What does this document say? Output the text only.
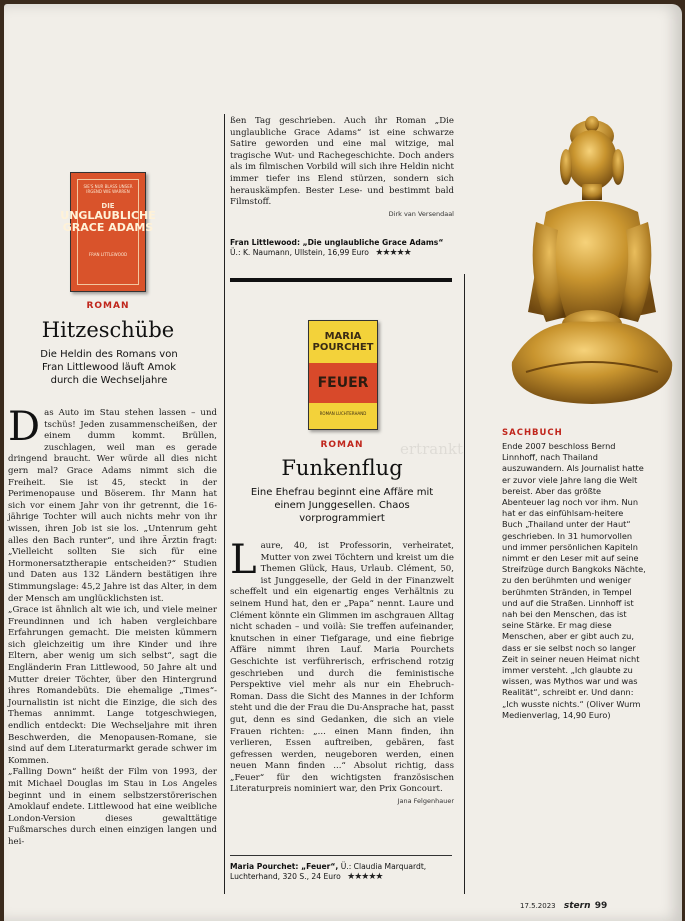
SIE'S NUR BLASS UNSER IRGEND WIE WARREN
DIE
UNGLAUBLICHE GRACE ADAMS
FRAN LITTLEWOOD
ROMAN
Hitzeschübe
Die Heldin des Romans von Fran Littlewood läuft Amok durch die Wechseljahre

Das Auto im Stau stehen lassen – und tschüs! Jeden zusammenscheißen, der einem dumm kommt. Brüllen, zuschlagen, weil man es gerade dringend braucht. Wer würde all dies nicht gern mal? Grace Adams nimmt sich die Freiheit. Sie ist 45, steckt in der Perimenopause und Böserem. Ihr Mann hat sich vor einem Jahr von ihr getrennt, die 16-jährige Tochter will auch nichts mehr von ihr wissen, ihren Job ist sie los. „Untenrum geht alles den Bach runter“, und ihre Ärztin fragt: „Vielleicht sollten Sie sich für eine Hormonersatztherapie entscheiden?“ Studien und Daten aus 132 Ländern bestätigen ihre Stimmungslage: 45,2 Jahre ist das Alter, in dem der Mensch am unglücklichsten ist.

„Grace ist ähnlich alt wie ich, und viele meiner Freundinnen und ich haben vergleichbare Erfahrungen gemacht. Die meisten kümmern sich gleichzeitig um ihre Kinder und ihre Eltern, aber wenig um sich selbst“, sagt die Engländerin Fran Littlewood, 50 Jahre alt und Mutter dreier Töchter, über den Hintergrund ihres Romandebüts. Die ehemalige „Times“-Journalistin ist nicht die Einzige, die sich des Themas annimmt. Lange totgeschwiegen, endlich entdeckt: Die Wechseljahre mit ihren Beschwerden, die Menopausen-Romane, sie sind auf dem Literaturmarkt gerade schwer im Kommen.

„Falling Down“ heißt der Film von 1993, der mit Michael Douglas im Stau in Los Angeles beginnt und in einem selbstzerstörerischen Amoklauf endete. Littlewood hat eine weibliche London-Version dieses gewalttätige Fußmarsches durch einen einzigen langen und hei-

ßen Tag geschrieben. Auch ihr Roman „Die unglaubliche Grace Adams“ ist eine schwarze Satire geworden und eine mal witzige, mal tragische Wut- und Rachegeschichte. Doch anders als im filmischen Vorbild will sich ihre Heldin nicht immer tiefer ins Elend stürzen, sondern sich herauskämpfen. Bester Lese- und bestimmt bald Filmstoff.

Dirk van Versendaal
Fran Littlewood: „Die unglaubliche Grace Adams“
Ü.: K. Naumann, Ullstein, 16,99 Euro ★★★★★
MARIA
POURCHET
FEUER
ROMAN LUCHTERHAND
ertrankt
ROMAN
Funkenflug
Eine Ehefrau beginnt eine Affäre mit einem Junggesellen. Chaos vorprogrammiert

Laure, 40, ist Professorin, verheiratet, Mutter von zwei Töchtern und kreist um die Themen Glück, Haus, Urlaub. Clément, 50, ist Junggeselle, der Geld in der Finanzwelt scheffelt und ein eigenartig enges Verhältnis zu seinem Hund hat, den er „Papa“ nennt. Laure und Clément könnte ein Glimmen im aschgrauen Alltag nicht schaden – und voilà: Sie treffen aufeinander, knutschen in einer Tiefgarage, und eine fiebrige Affäre nimmt ihren Lauf. Maria Pourchets Geschichte ist verführerisch, erfrischend rotzig geschrieben und durch die feministische Perspektive viel mehr als nur ein Ehebruch-Roman. Dass die Sicht des Mannes in der Ichform steht und die der Frau die Du-Ansprache hat, passt gut, denn es sind Gedanken, die sich an viele Frauen richten: „... einen Mann finden, ihn verlieren, Essen auftreiben, gebären, fast gefressen werden, neugeboren werden, einen neuen Mann finden ...“ Absolut richtig, dass „Feuer“ für den wichtigsten französischen Literaturpreis nominiert war, den Prix Goncourt.

Jana Felgenhauer
Maria Pourchet: „Feuer“, Ü.: Claudia Marquardt, Luchterhand, 320 S., 24 Euro ★★★★★
SACHBUCH
Ende 2007 beschloss Bernd Linnhoff, nach Thailand auszuwandern. Als Journalist hatte er zuvor viele Jahre lang die Welt bereist. Aber das größte Abenteuer lag noch vor ihm. Nun hat er das einfühlsam-heitere Buch „Thailand unter der Haut“ geschrieben. In 31 humorvollen und immer persönlichen Kapiteln nimmt er den Leser mit auf seine Streifzüge durch Bangkoks Nächte, zu den berühmten und weniger berühmten Stränden, in Tempel und auf die Straßen. Linnhoff ist nah bei den Menschen, das ist seine Stärke. Er mag diese Menschen, aber er gibt auch zu, dass er sie selbst noch so langer Zeit in seiner neuen Heimat nicht immer versteht. „Ich glaubte zu wissen, was Mythos war und was Realität“, schreibt er. Und dann: „Ich wusste nichts.“ (Oliver Wurm Medienverlag, 14,90 Euro)
17.5.2023 stern 99
